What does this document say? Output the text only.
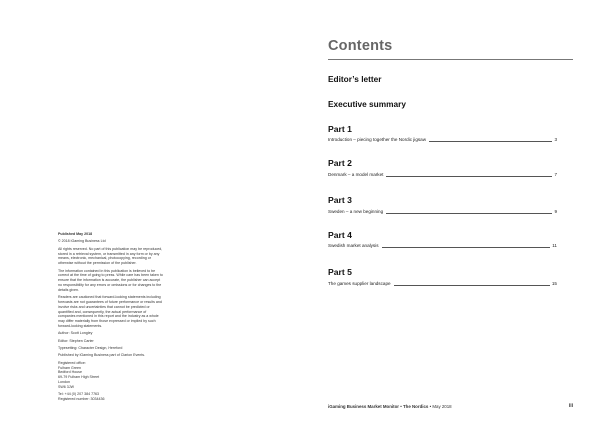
Published May 2018

© 2018 iGaming Business Ltd

All rights reserved. No part of this publication may be reproduced, stored in a retrieval system, or transmitted in any form or by any means, electronic, mechanical, photocopying, recording or otherwise without the permission of the publisher.

The information contained in this publication is believed to be correct at the time of going to press. While care has been taken to ensure that the information is accurate, the publisher can accept no responsibility for any errors or omissions or for changes to the details given.

Readers are cautioned that forward-looking statements including forecasts are not guarantees of future performance or results and involve risks and uncertainties that cannot be predicted or quantified and, consequently, the actual performance of companies mentioned in this report and the industry as a whole may differ materially from those expressed or implied by such forward-looking statements.

Author: Scott Longley

Editor: Stephen Carter

Typesetting: Character Design, Hereford

Published by iGaming Business part of Clarion Events.

Registered office:
Fulham Green
Bedford House
69-79 Fulham High Street
London
SW6 3JW
Tel: +44 (0) 207 384 7763
Registered number: 3034436
Contents
Editor’s letter
Executive summary
Part 1
Introduction – piecing together the Nordic jigsaw	3
Part 2
Denmark – a model market	7
Part 3
Sweden – a new beginning	9
Part 4
Swedish market analysis	11
Part 5
The games supplier landscape	15
iGaming Business Market Monitor • The Nordics • May 2018	iii
